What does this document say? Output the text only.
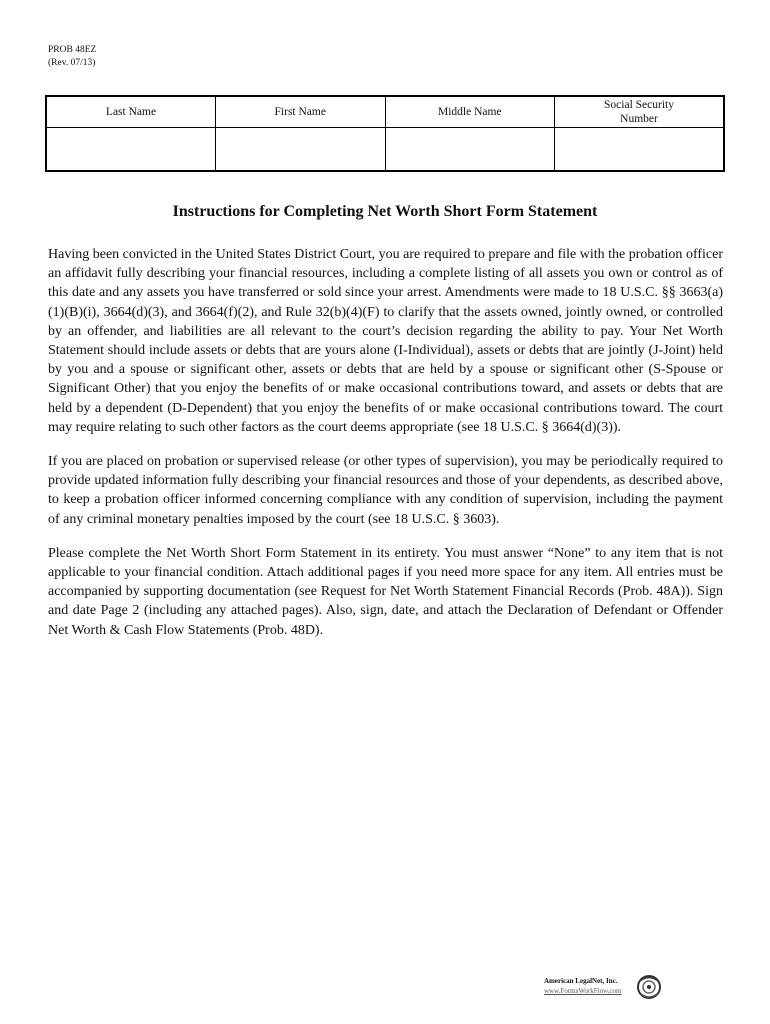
PROB 48EZ
(Rev. 07/13)
Last Name	First Name	Middle Name	Social Security Number

Instructions for Completing Net Worth Short Form Statement

Having been convicted in the United States District Court, you are required to prepare and file with the probation officer an affidavit fully describing your financial resources, including a complete listing of all assets you own or control as of this date and any assets you have transferred or sold since your arrest. Amendments were made to 18 U.S.C. §§ 3663(a)(1)(B)(i), 3664(d)(3), and 3664(f)(2), and Rule 32(b)(4)(F) to clarify that the assets owned, jointly owned, or controlled by an offender, and liabilities are all relevant to the court’s decision regarding the ability to pay. Your Net Worth Statement should include assets or debts that are yours alone (I-Individual), assets or debts that are jointly (J-Joint) held by you and a spouse or significant other, assets or debts that are held by a spouse or significant other (S-Spouse or Significant Other) that you enjoy the benefits of or make occasional contributions toward, and assets or debts that are held by a dependent (D-Dependent) that you enjoy the benefits of or make occasional contributions toward. The court may require relating to such other factors as the court deems appropriate (see 18 U.S.C. § 3664(d)(3)).

If you are placed on probation or supervised release (or other types of supervision), you may be periodically required to provide updated information fully describing your financial resources and those of your dependents, as described above, to keep a probation officer informed concerning compliance with any condition of supervision, including the payment of any criminal monetary penalties imposed by the court (see 18 U.S.C. § 3603).

Please complete the Net Worth Short Form Statement in its entirety. You must answer “None” to any item that is not applicable to your financial condition. Attach additional pages if you need more space for any item. All entries must be accompanied by supporting documentation (see Request for Net Worth Statement Financial Records (Prob. 48A)). Sign and date Page 2 (including any attached pages). Also, sign, date, and attach the Declaration of Defendant or Offender Net Worth & Cash Flow Statements (Prob. 48D).

American LegalNet, Inc.
www.FormsWorkFlow.com
